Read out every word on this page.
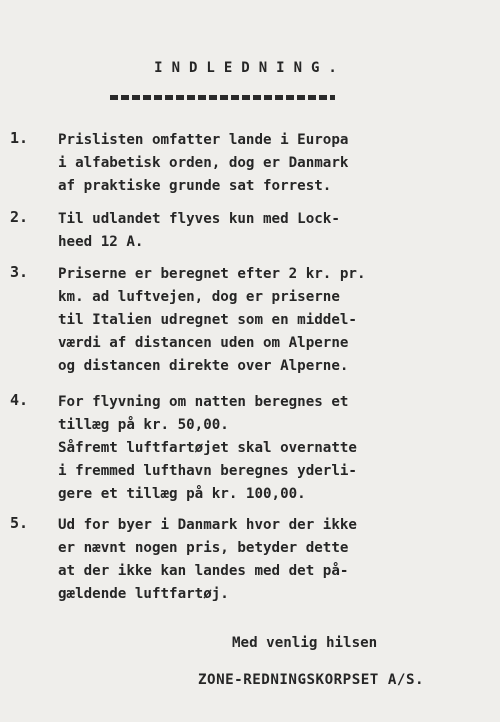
INDLEDNING.
1. Prislisten omfatter lande i Europa
i alfabetisk orden, dog er Danmark
af praktiske grunde sat forrest.
2. Til udlandet flyves kun med Lock-
heed 12 A.
3. Priserne er beregnet efter 2 kr. pr.
km. ad luftvejen, dog er priserne
til Italien udregnet som en middel-
værdi af distancen uden om Alperne
og distancen direkte over Alperne.
4. For flyvning om natten beregnes et
tillæg på kr. 50,00.
Såfremt luftfartøjet skal overnatte
i fremmed lufthavn beregnes yderli-
gere et tillæg på kr. 100,00.
5. Ud for byer i Danmark hvor der ikke
er nævnt nogen pris, betyder dette
at der ikke kan landes med det på-
gældende luftfartøj.
Med venlig hilsen
ZONE-REDNINGSKORPSET A/S.
